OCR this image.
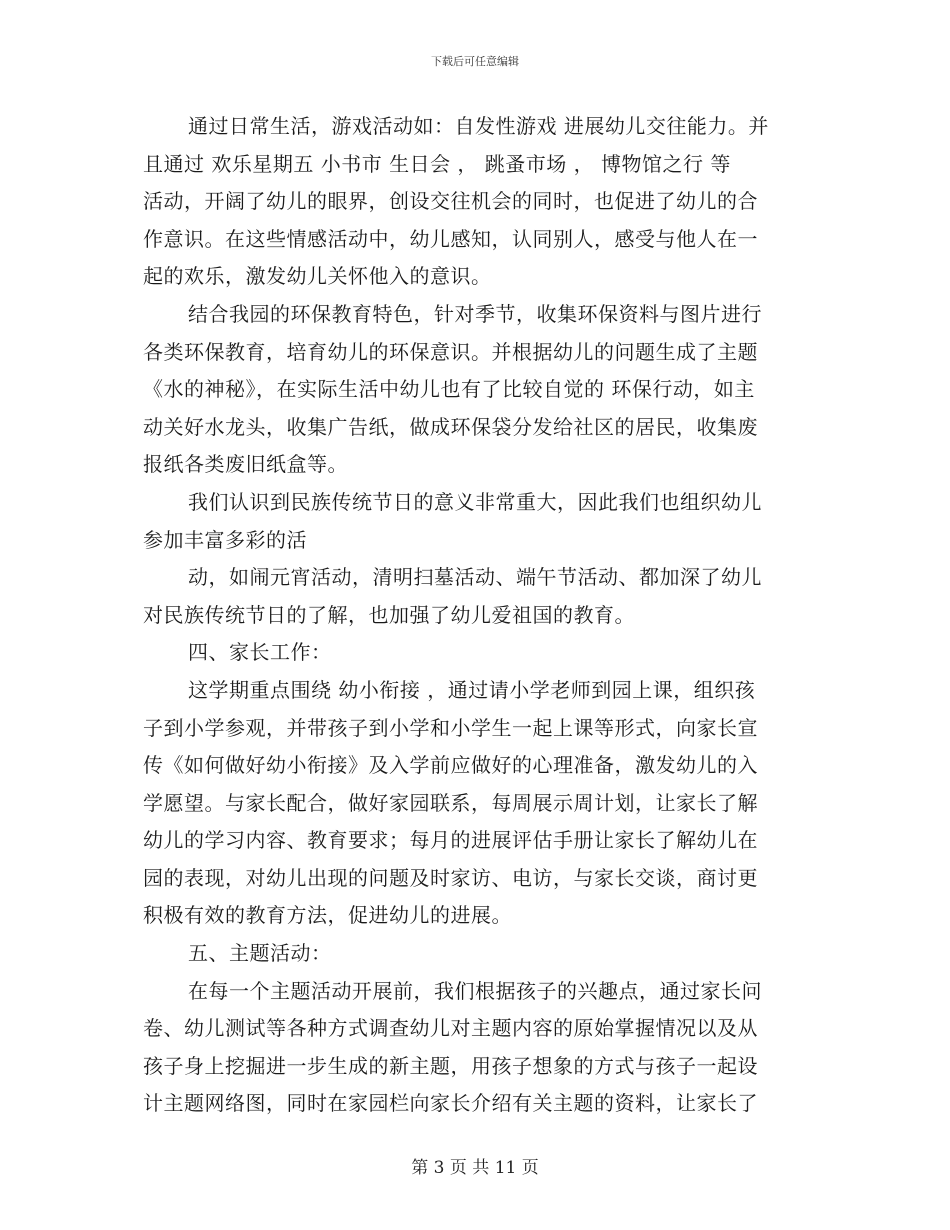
下载后可任意编辑
通过日常生活，游戏活动如：自发性游戏 进展幼儿交往能力。并
且通过 欢乐星期五 小书市 生日会 ， 跳蚤市场 ， 博物馆之行 等
活动，开阔了幼儿的眼界，创设交往机会的同时，也促进了幼儿的合
作意识。在这些情感活动中，幼儿感知，认同别人，感受与他人在一
起的欢乐，激发幼儿关怀他入的意识。
结合我园的环保教育特色，针对季节，收集环保资料与图片进行
各类环保教育，培育幼儿的环保意识。并根据幼儿的问题生成了主题
《水的神秘》，在实际生活中幼儿也有了比较自觉的 环保行动，如主
动关好水龙头，收集广告纸，做成环保袋分发给社区的居民，收集废
报纸各类废旧纸盒等。
我们认识到民族传统节日的意义非常重大，因此我们也组织幼儿
参加丰富多彩的活
动，如闹元宵活动，清明扫墓活动、端午节活动、都加深了幼儿
对民族传统节日的了解，也加强了幼儿爱祖国的教育。
四、家长工作：
这学期重点围绕 幼小衔接 ，通过请小学老师到园上课，组织孩
子到小学参观，并带孩子到小学和小学生一起上课等形式，向家长宣
传《如何做好幼小衔接》及入学前应做好的心理准备，激发幼儿的入
学愿望。与家长配合，做好家园联系，每周展示周计划，让家长了解
幼儿的学习内容、教育要求；每月的进展评估手册让家长了解幼儿在
园的表现，对幼儿出现的问题及时家访、电访，与家长交谈，商讨更
积极有效的教育方法，促进幼儿的进展。
五、主题活动：
在每一个主题活动开展前，我们根据孩子的兴趣点，通过家长问
卷、幼儿测试等各种方式调查幼儿对主题内容的原始掌握情况以及从
孩子身上挖掘进一步生成的新主题，用孩子想象的方式与孩子一起设
计主题网络图，同时在家园栏向家长介绍有关主题的资料，让家长了
第 3 页 共 11 页
